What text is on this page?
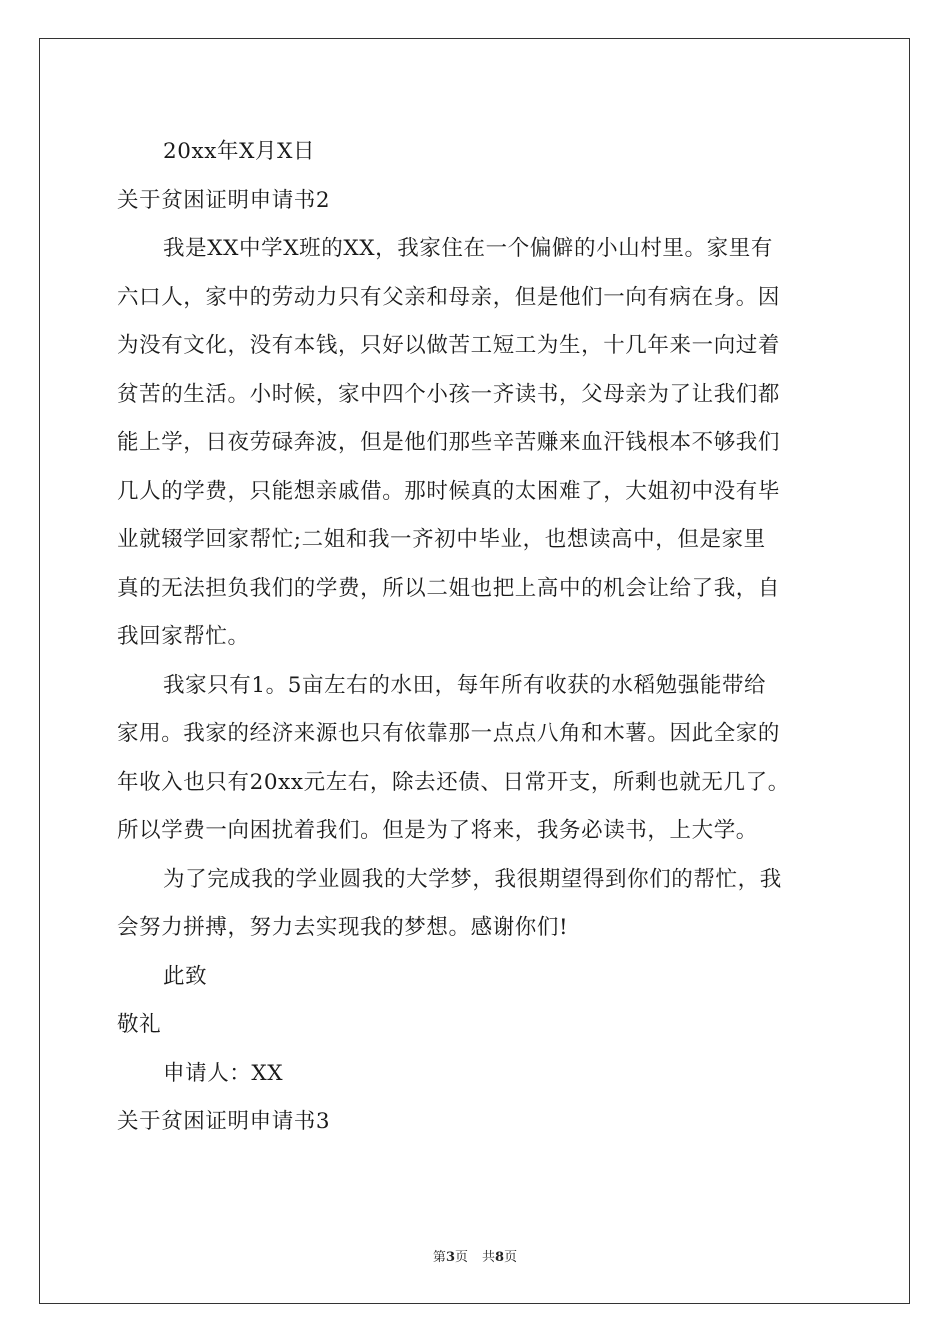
20xx年X月X日
关于贫困证明申请书2
我是XX中学X班的XX，我家住在一个偏僻的小山村里。家里有
六口人，家中的劳动力只有父亲和母亲，但是他们一向有病在身。因
为没有文化，没有本钱，只好以做苦工短工为生，十几年来一向过着
贫苦的生活。小时候，家中四个小孩一齐读书，父母亲为了让我们都
能上学，日夜劳碌奔波，但是他们那些辛苦赚来血汗钱根本不够我们
几人的学费，只能想亲戚借。那时候真的太困难了，大姐初中没有毕
业就辍学回家帮忙;二姐和我一齐初中毕业，也想读高中，但是家里
真的无法担负我们的学费，所以二姐也把上高中的机会让给了我，自
我回家帮忙。
我家只有1。5亩左右的水田，每年所有收获的水稻勉强能带给
家用。我家的经济来源也只有依靠那一点点八角和木薯。因此全家的
年收入也只有20xx元左右，除去还债、日常开支，所剩也就无几了。
所以学费一向困扰着我们。但是为了将来，我务必读书，上大学。
为了完成我的学业圆我的大学梦，我很期望得到你们的帮忙，我
会努力拼搏，努力去实现我的梦想。感谢你们!
此致
敬礼
申请人：XX
关于贫困证明申请书3
第3页 共8页
